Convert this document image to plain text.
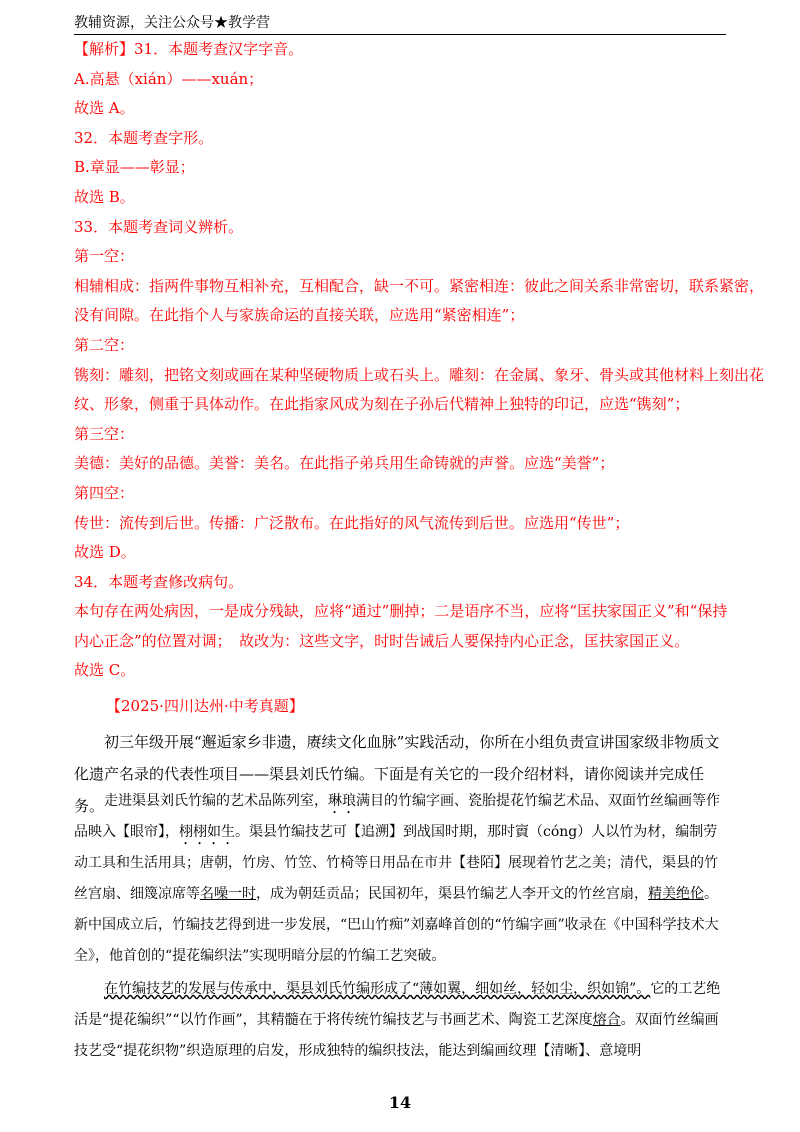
教辅资源，关注公众号★教学营
【解析】31．本题考查汉字字音。
A.高悬（xián）——xuán；
故选 A。
32．本题考查字形。
B.章显——彰显；
故选 B。
33．本题考查词义辨析。
第一空：
相辅相成：指两件事物互相补充，互相配合，缺一不可。紧密相连：彼此之间关系非常密切，联系紧密，
没有间隙。在此指个人与家族命运的直接关联，应选用“紧密相连”；
第二空：
镌刻：雕刻，把铭文刻或画在某种坚硬物质上或石头上。雕刻：在金属、象牙、骨头或其他材料上刻出花
纹、形象，侧重于具体动作。在此指家风成为刻在子孙后代精神上独特的印记，应选“镌刻”；
第三空：
美德：美好的品德。美誉：美名。在此指子弟兵用生命铸就的声誉。应选“美誉”；
第四空：
传世：流传到后世。传播：广泛散布。在此指好的风气流传到后世。应选用“传世”；
故选 D。
34．本题考查修改病句。
本句存在两处病因，一是成分残缺，应将“通过”删掉；二是语序不当，应将“匡扶家国正义”和“保持
内心正念”的位置对调；　故改为：这些文字，时时告诫后人要保持内心正念，匡扶家国正义。
故选 C。
【2025·四川达州·中考真题】
初三年级开展“邂逅家乡非遗，赓续文化血脉”实践活动，你所在小组负责宣讲国家级非物质文化遗产名录的代表性项目——渠县刘氏竹编。下面是有关它的一段介绍材料，请你阅读并完成任务。 走进渠县刘氏竹编的艺术品陈列室，琳琅满目的竹编字画、瓷胎提花竹编艺术品、双面竹丝编画等作品映入【眼帘】，栩栩如生。渠县竹编技艺可【追溯】到战国时期，那时賨（cóng）人以竹为材，编制劳动工具和生活用具；唐朝，竹房、竹笠、竹椅等日用品在市井【巷陌】展现着竹艺之美；清代，渠县的竹丝宫扇、细篾凉席等名噪一时，成为朝廷贡品；民国初年，渠县竹编艺人李开文的竹丝宫扇，精美绝伦。新中国成立后，竹编技艺得到进一步发展，“巴山竹痴”刘嘉峰首创的“竹编字画”收录在《中国科学技术大全》，他首创的“提花编织法”实现明暗分层的竹编工艺突破。
在竹编技艺的发展与传承中，渠县刘氏竹编形成了“薄如翼，细如丝，轻如尘，织如锦”。它的工艺绝活是“提花编织”“以竹作画”，其精髓在于将传统竹编技艺与书画艺术、陶瓷工艺深度熔合。双面竹丝编画技艺受“提花织物”织造原理的启发，形成独特的编织技法，能达到编画纹理【清晰】、意境明
14
